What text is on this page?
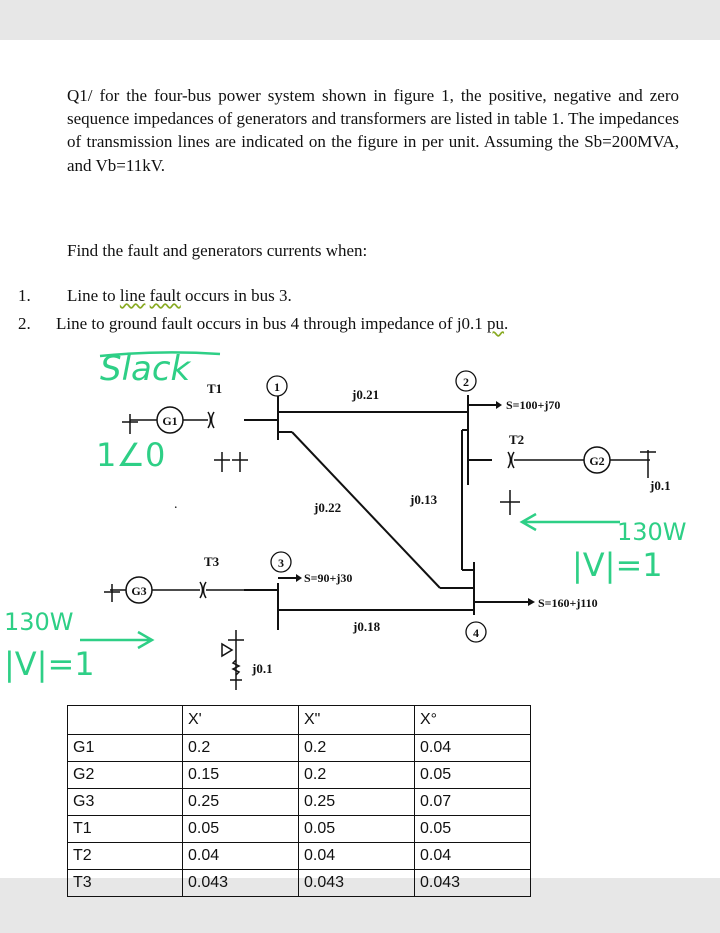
Q1/ for the four-bus power system shown in figure 1, the positive, negative and zero sequence impedances of generators and transformers are listed in table 1. The impedances of transmission lines are indicated on the figure in per unit. Assuming the Sb=200MVA, and Vb=11kV.
Find the fault and generators currents when:
1. Line to line fault occurs in bus 3.
2. Line to ground fault occurs in bus 4 through impedance of j0.1 pu.
G1
T1
G2
T2
j0.1
G3
T3
j0.1
1	2
3
4
j0.21
j0.22
j0.13
j0.18
S=100+j70
S=90+j30
S=160+j110
Slack
1∠0
130W
|V|=1
130W
|V|=1
.
	X'	X"	X°
G1	0.2	0.2	0.04
G2	0.15	0.2	0.05
G3	0.25	0.25	0.07
T1	0.05	0.05	0.05
T2	0.04	0.04	0.04
T3	0.043	0.043	0.043
